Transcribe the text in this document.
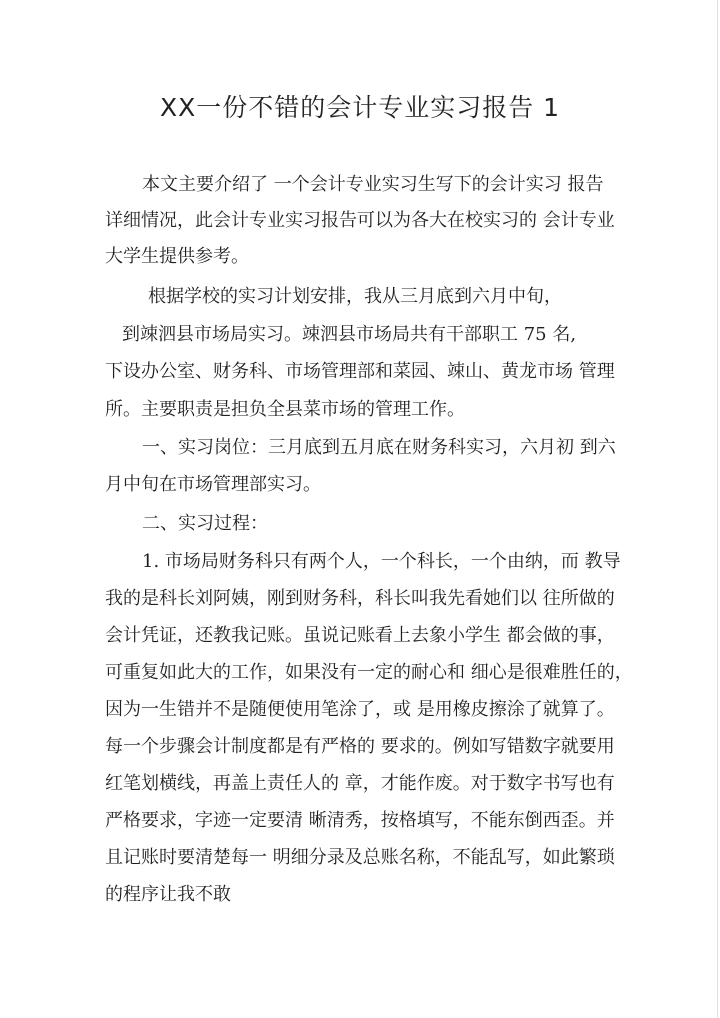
XX一份不错的会计专业实习报告 1
本文主要介绍了 一个会计专业实习生写下的会计实习 报告
详细情况，此会计专业实习报告可以为各大在校实习的 会计专业
大学生提供参考。
根据学校的实习计划安排，我从三月底到六月中旬，
到竦泗县市场局实习。竦泗县市场局共有干部职工 75 名,
下设办公室、财务科、市场管理部和菜园、竦山、黄龙市场 管理
所。主要职责是担负全县菜市场的管理工作。
一、实习岗位：三月底到五月底在财务科实习，六月初 到六
月中旬在市场管理部实习。
二、实习过程：
1. 市场局财务科只有两个人，一个科长，一个由纳，而 教导
我的是科长刘阿姨，刚到财务科，科长叫我先看她们以 往所做的
会计凭证，还教我记账。虽说记账看上去象小学生 都会做的事，
可重复如此大的工作，如果没有一定的耐心和 细心是很难胜任的，
因为一生错并不是随便使用笔涂了，或 是用橡皮擦涂了就算了。
每一个步骤会计制度都是有严格的 要求的。例如写错数字就要用
红笔划横线，再盖上责任人的 章，才能作废。对于数字书写也有
严格要求，字迹一定要清 晰清秀，按格填写，不能东倒西歪。并
且记账时要清楚每一 明细分录及总账名称，不能乱写，如此繁琐
的程序让我不敢
